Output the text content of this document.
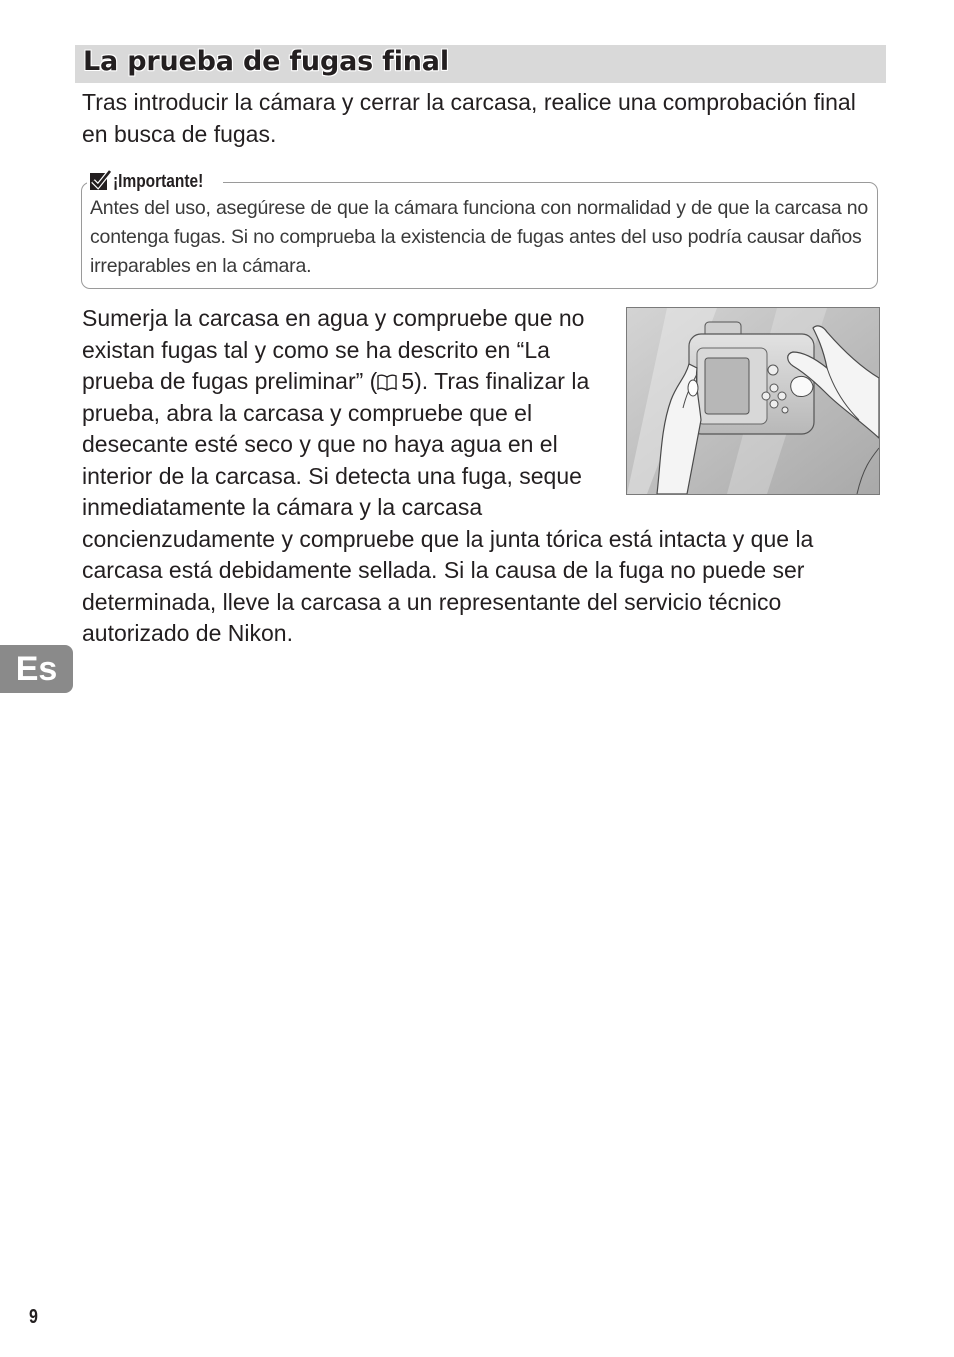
La prueba de fugas final

Tras introducir la cámara y cerrar la carcasa, realice una comprobación final en busca de fugas.

¡Importante!

Antes del uso, asegúrese de que la cámara funciona con normalidad y de que la carcasa no contenga fugas. Si no comprueba la existencia de fugas antes del uso podría causar daños irreparables en la cámara.

Sumerja la carcasa en agua y compruebe que no existan fugas tal y como se ha descrito en “La prueba de fugas preliminar” ( 5). Tras finalizar la prueba, abra la carcasa y compruebe que el desecante esté seco y que no haya agua en el interior de la carcasa. Si detecta una fuga, seque inmediatamente la cámara y la carcasa concienzudamente y compruebe que la junta tórica está intacta y que la carcasa está debidamente sellada. Si la causa de la fuga no puede ser determinada, lleve la carcasa a un representante del servicio técnico autorizado de Nikon.

Es
9
